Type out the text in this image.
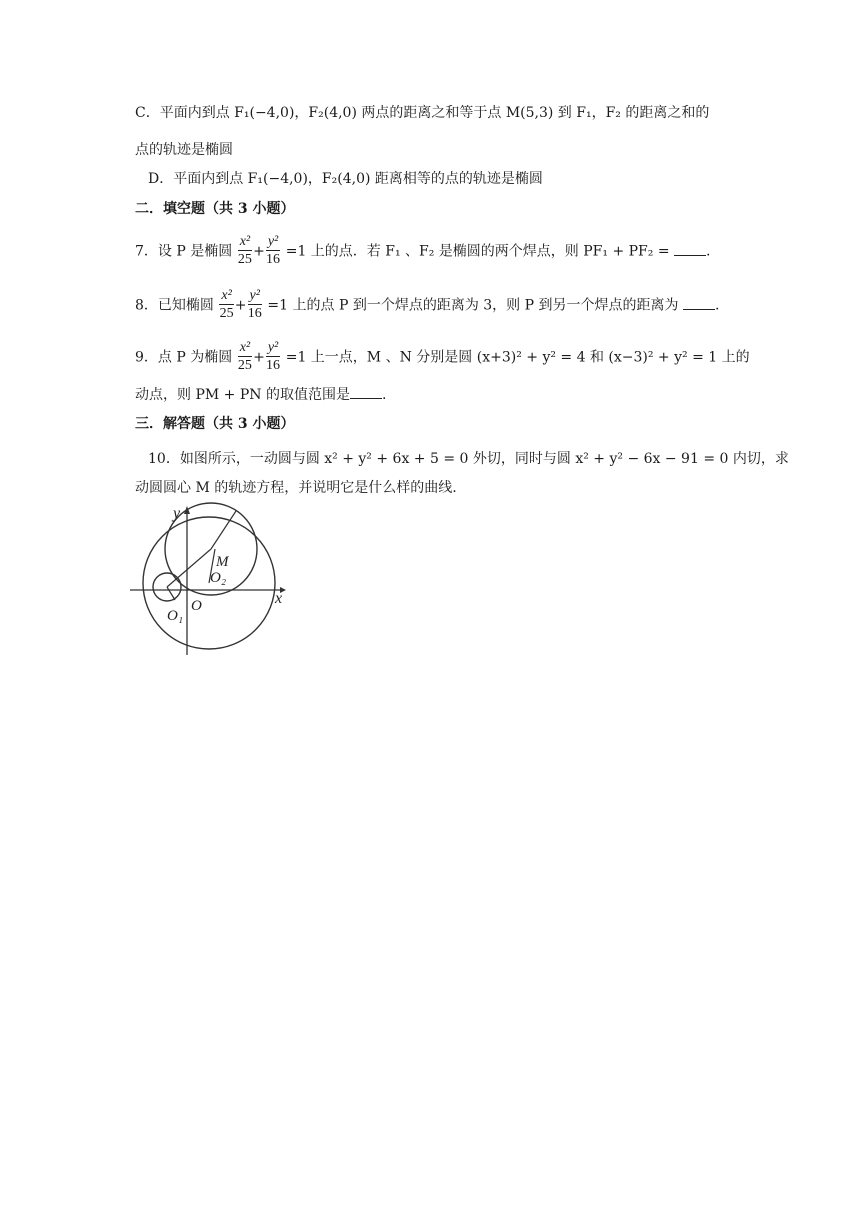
C．平面内到点 F₁(−4,0)，F₂(4,0) 两点的距离之和等于点 M(5,3) 到 F₁，F₂ 的距离之和的
点的轨迹是椭圆
D．平面内到点 F₁(−4,0)，F₂(4,0) 距离相等的点的轨迹是椭圆
二．填空题（共 3 小题）
7．设 P 是椭圆 $\frac{\text{x²}}{25} + \frac{\text{y²}}{16} =1$ 上的点．若 F₁ 、F₂ 是椭圆的两个焊点，则 PF₁ + PF₂ =	.
8．已知椭圆 $\frac{\text{x²}}{25} + \frac{\text{y²}}{16} =1$ 上的点 P 到一个焊点的距离为 3，则 P 到另一个焊点的距离为	.
9．点 P 为椭圆 $\frac{\text{x²}}{25} + \frac{\text{y²}}{16} =1$ 上一点，M 、N 分别是圆 (x+3)² + y² = 4 和 (x−3)² + y² = 1 上的
动点，则 PM + PN 的取值范围是 .
三．解答题（共 3 小题）
10．如图所示，一动圆与圆 x² + y² + 6x + 5 = 0 外切，同时与圆 x² + y² − 6x − 91 = 0 内切，求
动圆圆心 M 的轨迹方程，并说明它是什么样的曲线.
y
x
M
O₂
O
O₁
